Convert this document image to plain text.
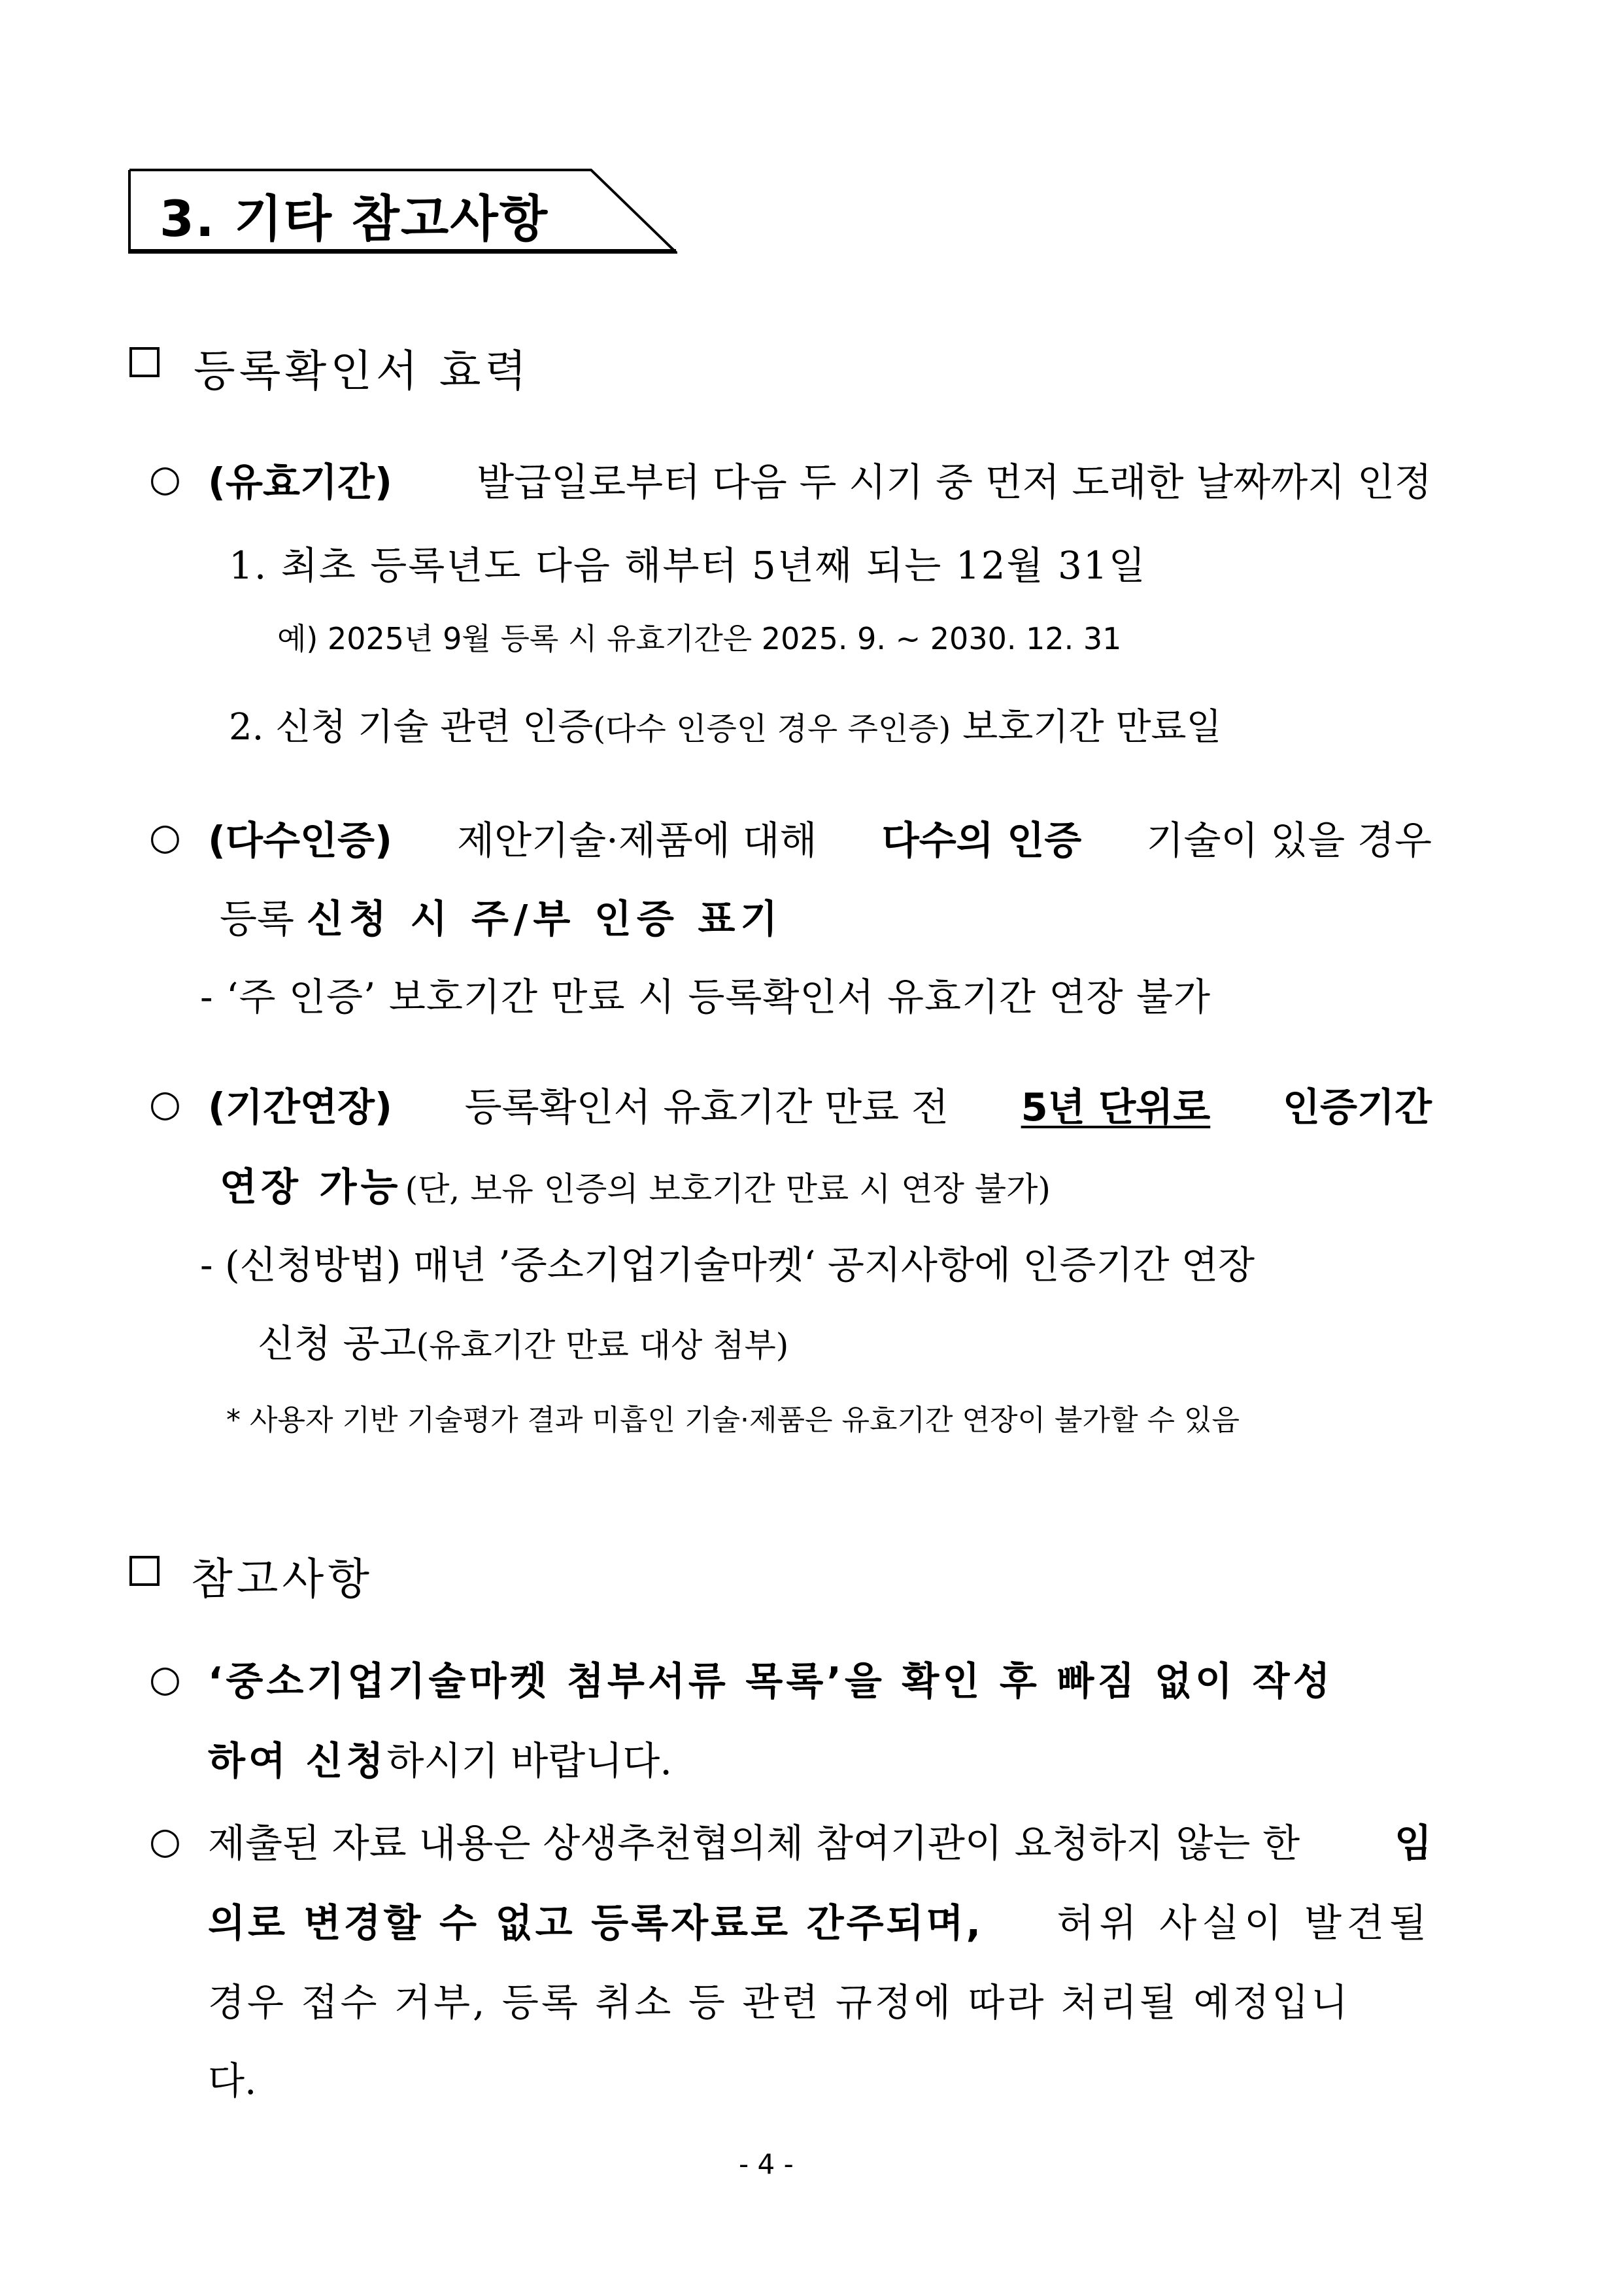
3. 기타 참고사항
등록확인서 효력
○ (유효기간) 발급일로부터 다음 두 시기 중 먼저 도래한 날짜까지 인정
1. 최초 등록년도 다음 해부터 5년째 되는 12월 31일
예) 2025년 9월 등록 시 유효기간은 2025. 9. ~ 2030. 12. 31
2. 신청 기술 관련 인증(다수 인증인 경우 주인증) 보호기간 만료일
○ (다수인증) 제안기술·제품에 대해 다수의 인증 기술이 있을 경우
등록 신청 시 주/부 인증 표기
- ‘주 인증’ 보호기간 만료 시 등록확인서 유효기간 연장 불가
○ (기간연장) 등록확인서 유효기간 만료 전 5년 단위로 인증기간
연장 가능 (단, 보유 인증의 보호기간 만료 시 연장 불가)
- (신청방법) 매년 ’중소기업기술마켓‘ 공지사항에 인증기간 연장
신청 공고(유효기간 만료 대상 첨부)
* 사용자 기반 기술평가 결과 미흡인 기술·제품은 유효기간 연장이 불가할 수 있음
참고사항
○ ‘중소기업기술마켓 첨부서류 목록’을 확인 후 빠짐 없이 작성
하여 신청하시기 바랍니다.
○ 제출된 자료 내용은 상생추천협의체 참여기관이 요청하지 않는 한 임
의로 변경할 수 없고 등록자료로 간주되며, 허위 사실이 발견될
경우 접수 거부, 등록 취소 등 관련 규정에 따라 처리될 예정입니
다.
- 4 -
